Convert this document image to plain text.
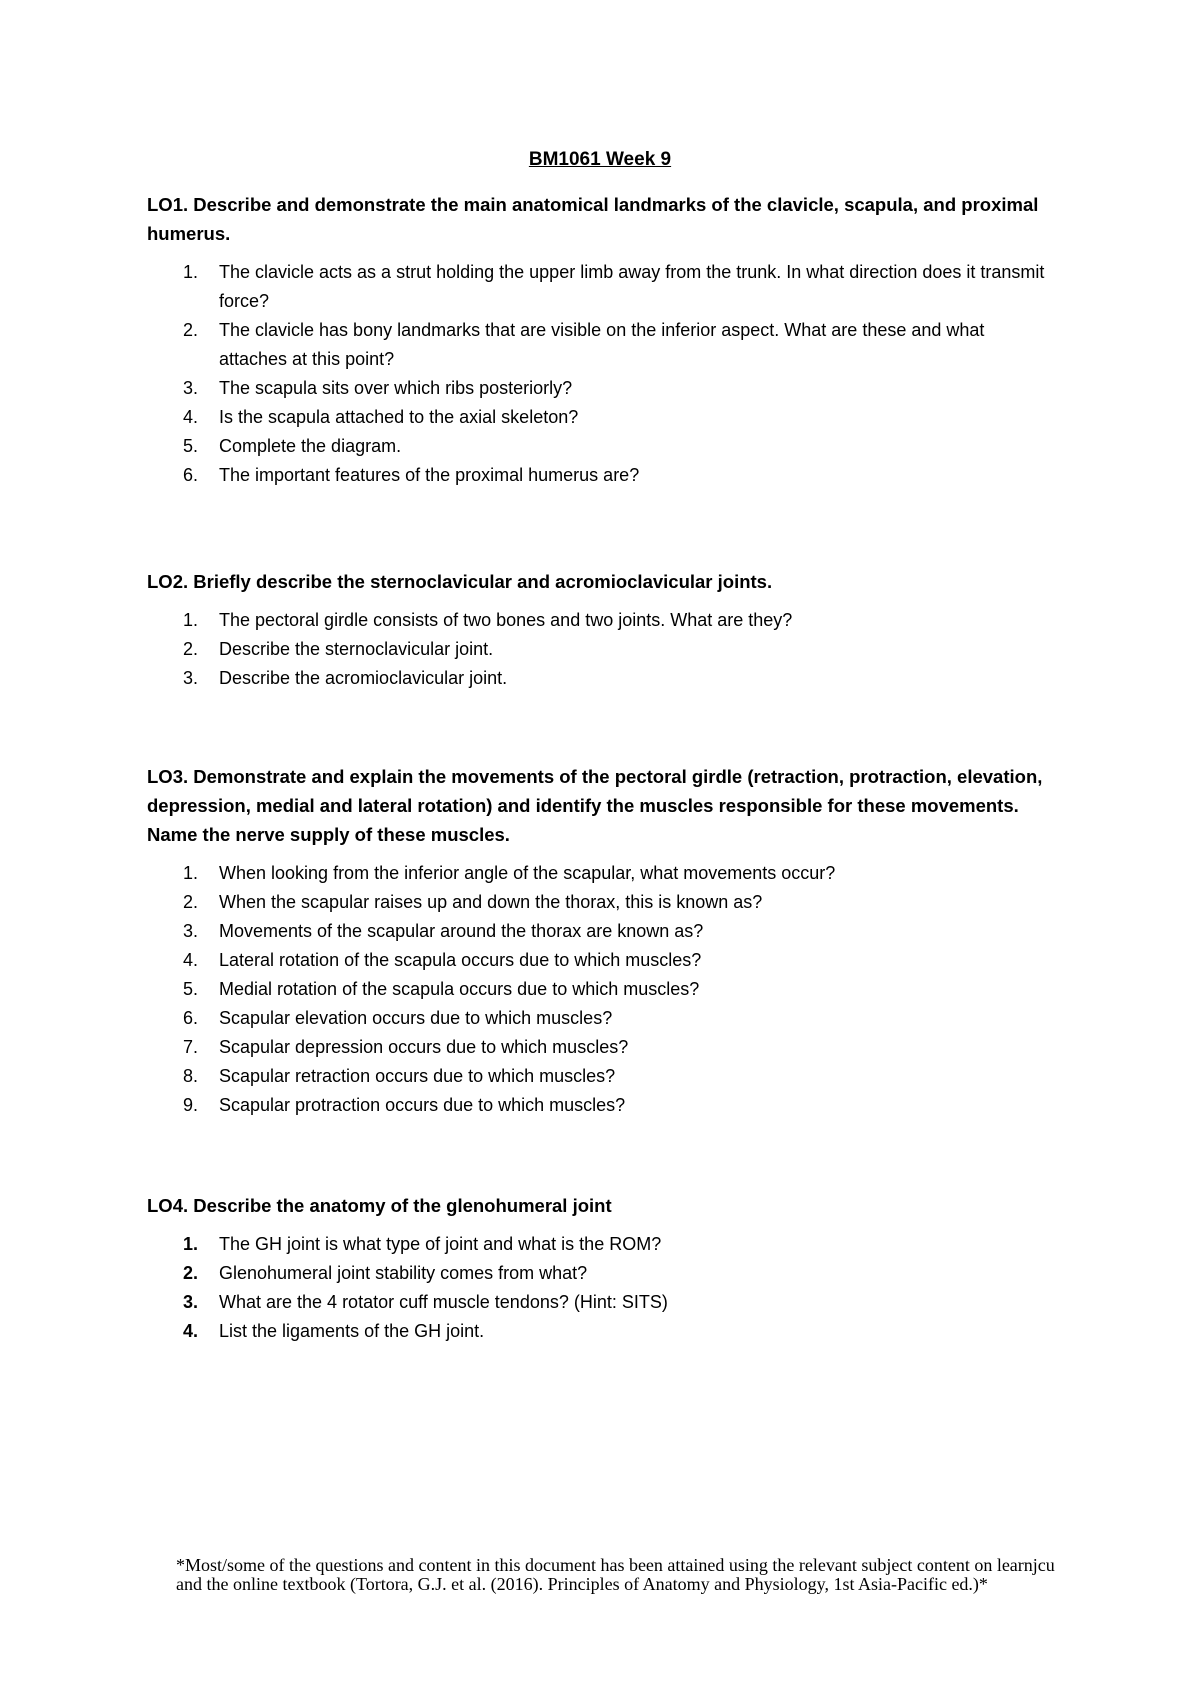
BM1061 Week 9

LO1. Describe and demonstrate the main anatomical landmarks of the clavicle, scapula, and proximal humerus.

1. The clavicle acts as a strut holding the upper limb away from the trunk. In what direction does it transmit force?
2. The clavicle has bony landmarks that are visible on the inferior aspect. What are these and what attaches at this point?
3. The scapula sits over which ribs posteriorly?
4. Is the scapula attached to the axial skeleton?
5. Complete the diagram.
6. The important features of the proximal humerus are?

LO2. Briefly describe the sternoclavicular and acromioclavicular joints.

1. The pectoral girdle consists of two bones and two joints. What are they?
2. Describe the sternoclavicular joint.
3. Describe the acromioclavicular joint.

LO3. Demonstrate and explain the movements of the pectoral girdle (retraction, protraction, elevation, depression, medial and lateral rotation) and identify the muscles responsible for these movements. Name the nerve supply of these muscles.

1. When looking from the inferior angle of the scapular, what movements occur?
2. When the scapular raises up and down the thorax, this is known as?
3. Movements of the scapular around the thorax are known as?
4. Lateral rotation of the scapula occurs due to which muscles?
5. Medial rotation of the scapula occurs due to which muscles?
6. Scapular elevation occurs due to which muscles?
7. Scapular depression occurs due to which muscles?
8. Scapular retraction occurs due to which muscles?
9. Scapular protraction occurs due to which muscles?

LO4. Describe the anatomy of the glenohumeral joint

1. The GH joint is what type of joint and what is the ROM?
2. Glenohumeral joint stability comes from what?
3. What are the 4 rotator cuff muscle tendons? (Hint: SITS)
4. List the ligaments of the GH joint.

*Most/some of the questions and content in this document has been attained using the relevant subject content on learnjcu and the online textbook (Tortora, G.J. et al. (2016). Principles of Anatomy and Physiology, 1st Asia-Pacific ed.)*
